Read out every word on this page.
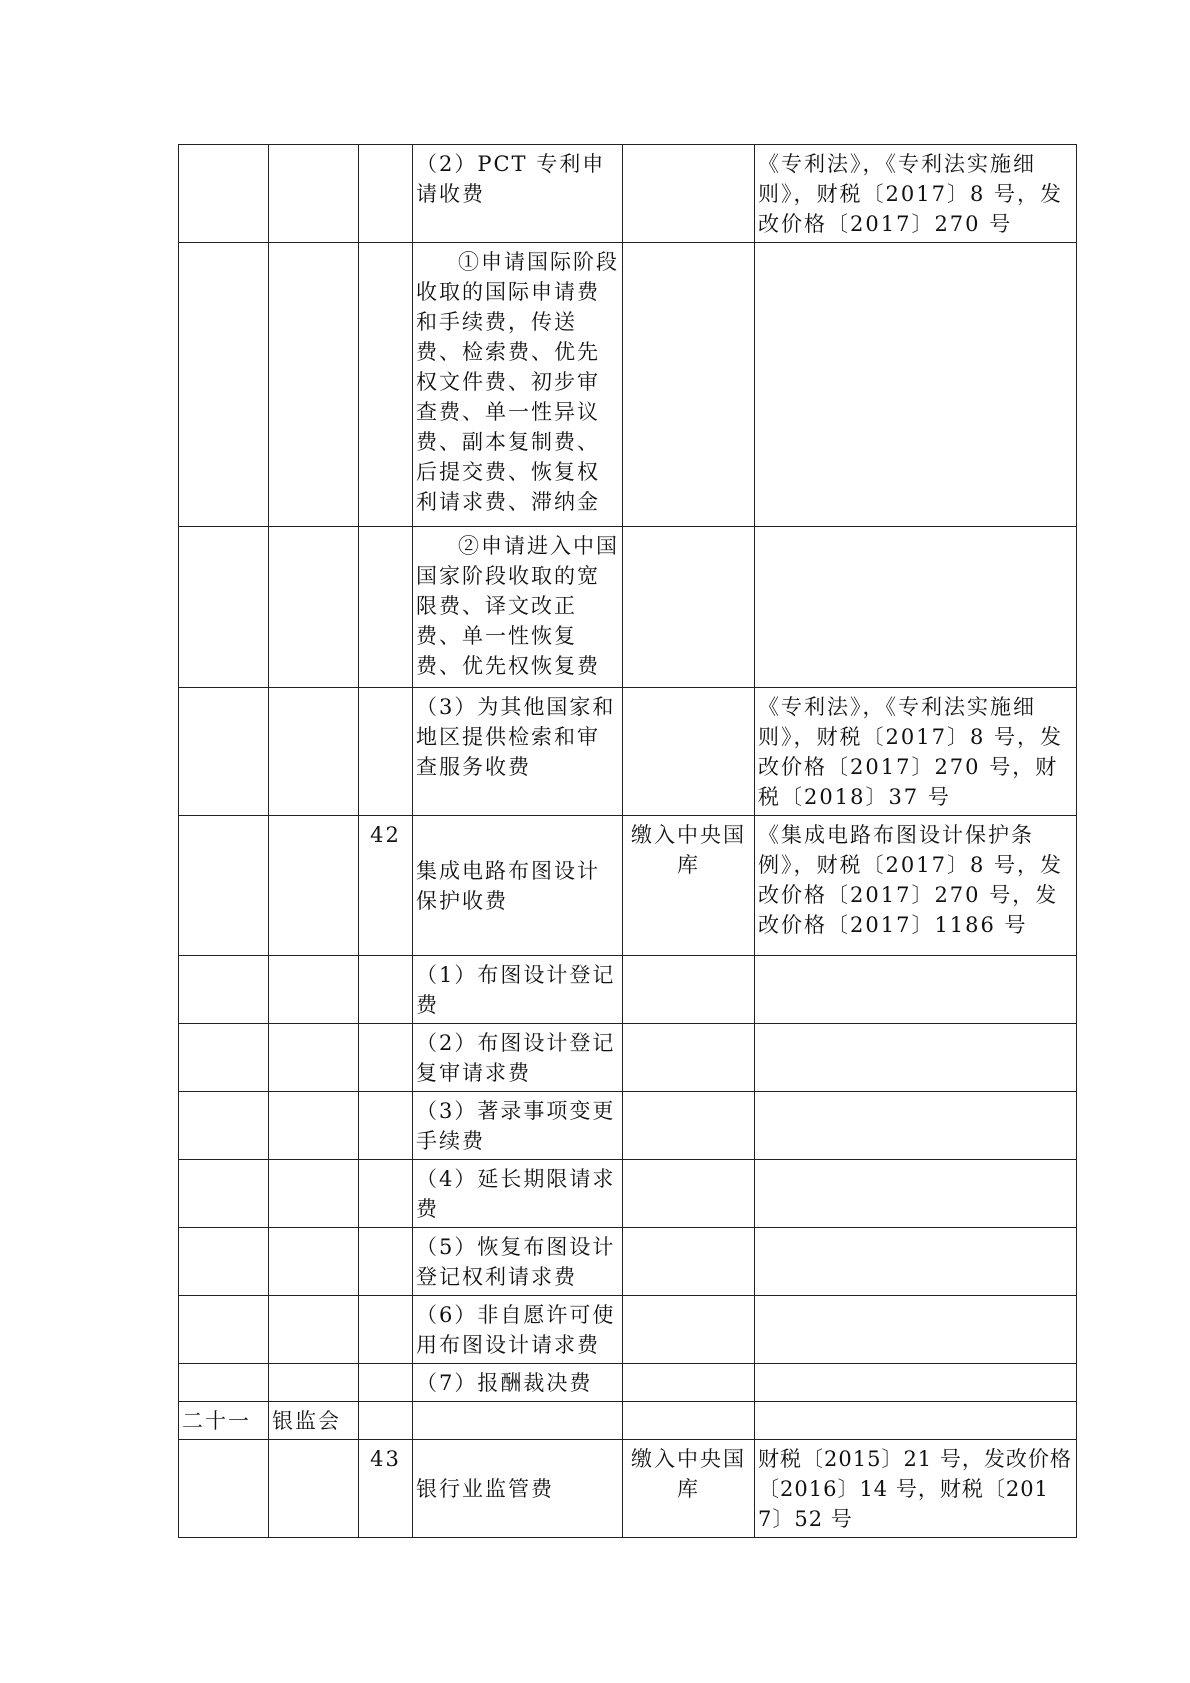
			（2）PCT 专利申请收费		《专利法》，《专利法实施细则》，财税〔2017〕8 号，发改价格〔2017〕270 号
			①申请国际阶段收取的国际申请费和手续费，传送费、检索费、优先权文件费、初步审查费、单一性异议费、副本复制费、后提交费、恢复权利请求费、滞纳金		
			②申请进入中国国家阶段收取的宽限费、译文改正费、单一性恢复费、优先权恢复费		
			（3）为其他国家和地区提供检索和审查服务收费		《专利法》，《专利法实施细则》，财税〔2017〕8 号，发改价格〔2017〕270 号，财税〔2018〕37 号
		42	集成电路布图设计保护收费	缴入中央国库	《集成电路布图设计保护条例》，财税〔2017〕8 号，发改价格〔2017〕270 号，发改价格〔2017〕1186 号
			（1）布图设计登记费		
			（2）布图设计登记复审请求费		
			（3）著录事项变更手续费		
			（4）延长期限请求费		
			（5）恢复布图设计登记权利请求费		
			（6）非自愿许可使用布图设计请求费		
			（7）报酬裁决费		
二十一	银监会				
		43	银行业监管费	缴入中央国库	财税〔2015〕21 号，发改价格〔2016〕14 号，财税〔2017〕52 号
